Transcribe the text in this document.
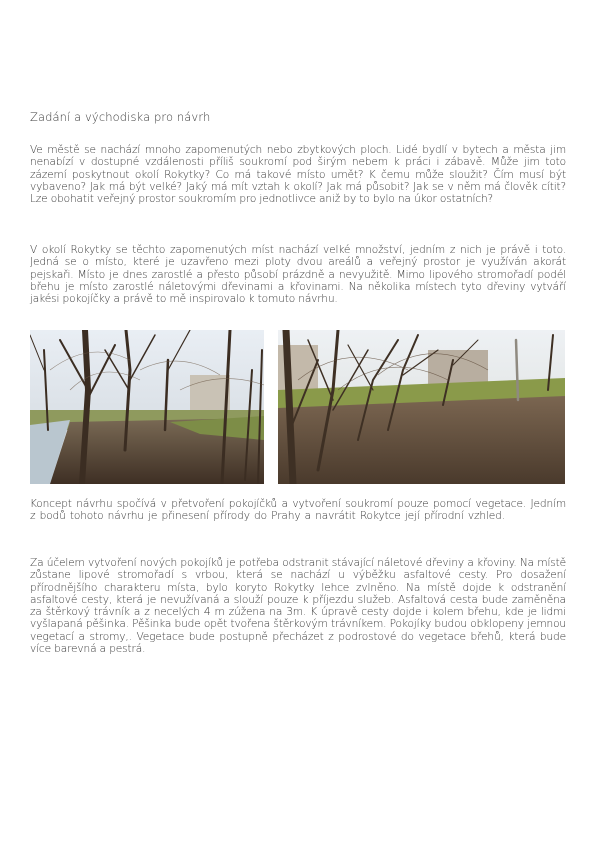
Zadání a východiska pro návrh

Ve městě se nachází mnoho zapomenutých nebo zbytkových ploch. Lidé bydlí v bytech a města jim nenabízí v dostupné vzdálenosti příliš soukromí pod širým nebem k práci i zábavě. Může jim toto zázemí poskytnout okolí Rokytky? Co má takové místo umět? K čemu může sloužit? Čím musí být vybaveno? Jak má být velké? Jaký má mít vztah k okolí? Jak má působit? Jak se v něm má člověk cítit? Lze obohatit veřejný prostor soukromím pro jednotlivce aniž by to bylo na úkor ostatních?

V okolí Rokytky se těchto zapomenutých míst nachází velké množství, jedním z nich je právě i toto. Jedná se o místo, které je uzavřeno mezi ploty dvou areálů a veřejný prostor je využíván akorát pejskaři. Místo je dnes zarostlé a přesto působí prázdně a nevyužitě. Mimo lipového stromořadí podél břehu je místo zarostlé náletovými dřevinami a křovinami. Na několika místech tyto dřeviny vytváří jakési pokojíčky a právě to mě inspirovalo k tomuto návrhu.

Koncept návrhu spočívá v přetvoření pokojíčků a vytvoření soukromí pouze pomocí vegetace. Jedním z bodů tohoto návrhu je přinesení přírody do Prahy a navrátit Rokytce její přírodní vzhled.

Za účelem vytvoření nových pokojíků je potřeba odstranit stávající náletové dřeviny a křoviny. Na místě zůstane lipové stromořadí s vrbou, která se nachází u výběžku asfaltové cesty. Pro dosažení přírodnějšího charakteru místa, bylo koryto Rokytky lehce zvlněno. Na místě dojde k odstranění asfaltové cesty, která je nevužívaná a slouží pouze k příjezdu služeb. Asfaltová cesta bude zaměněna za štěrkový trávník a z necelých 4 m zúžena na 3m. K úpravě cesty dojde i kolem břehu, kde je lidmi vyšlapaná pěšinka. Pěšinka bude opět tvořena štěrkovým trávníkem. Pokojíky budou obklopeny jemnou vegetací a stromy,. Vegetace bude postupně přecházet z podrostové do vegetace břehů, která bude více barevná a pestrá.
